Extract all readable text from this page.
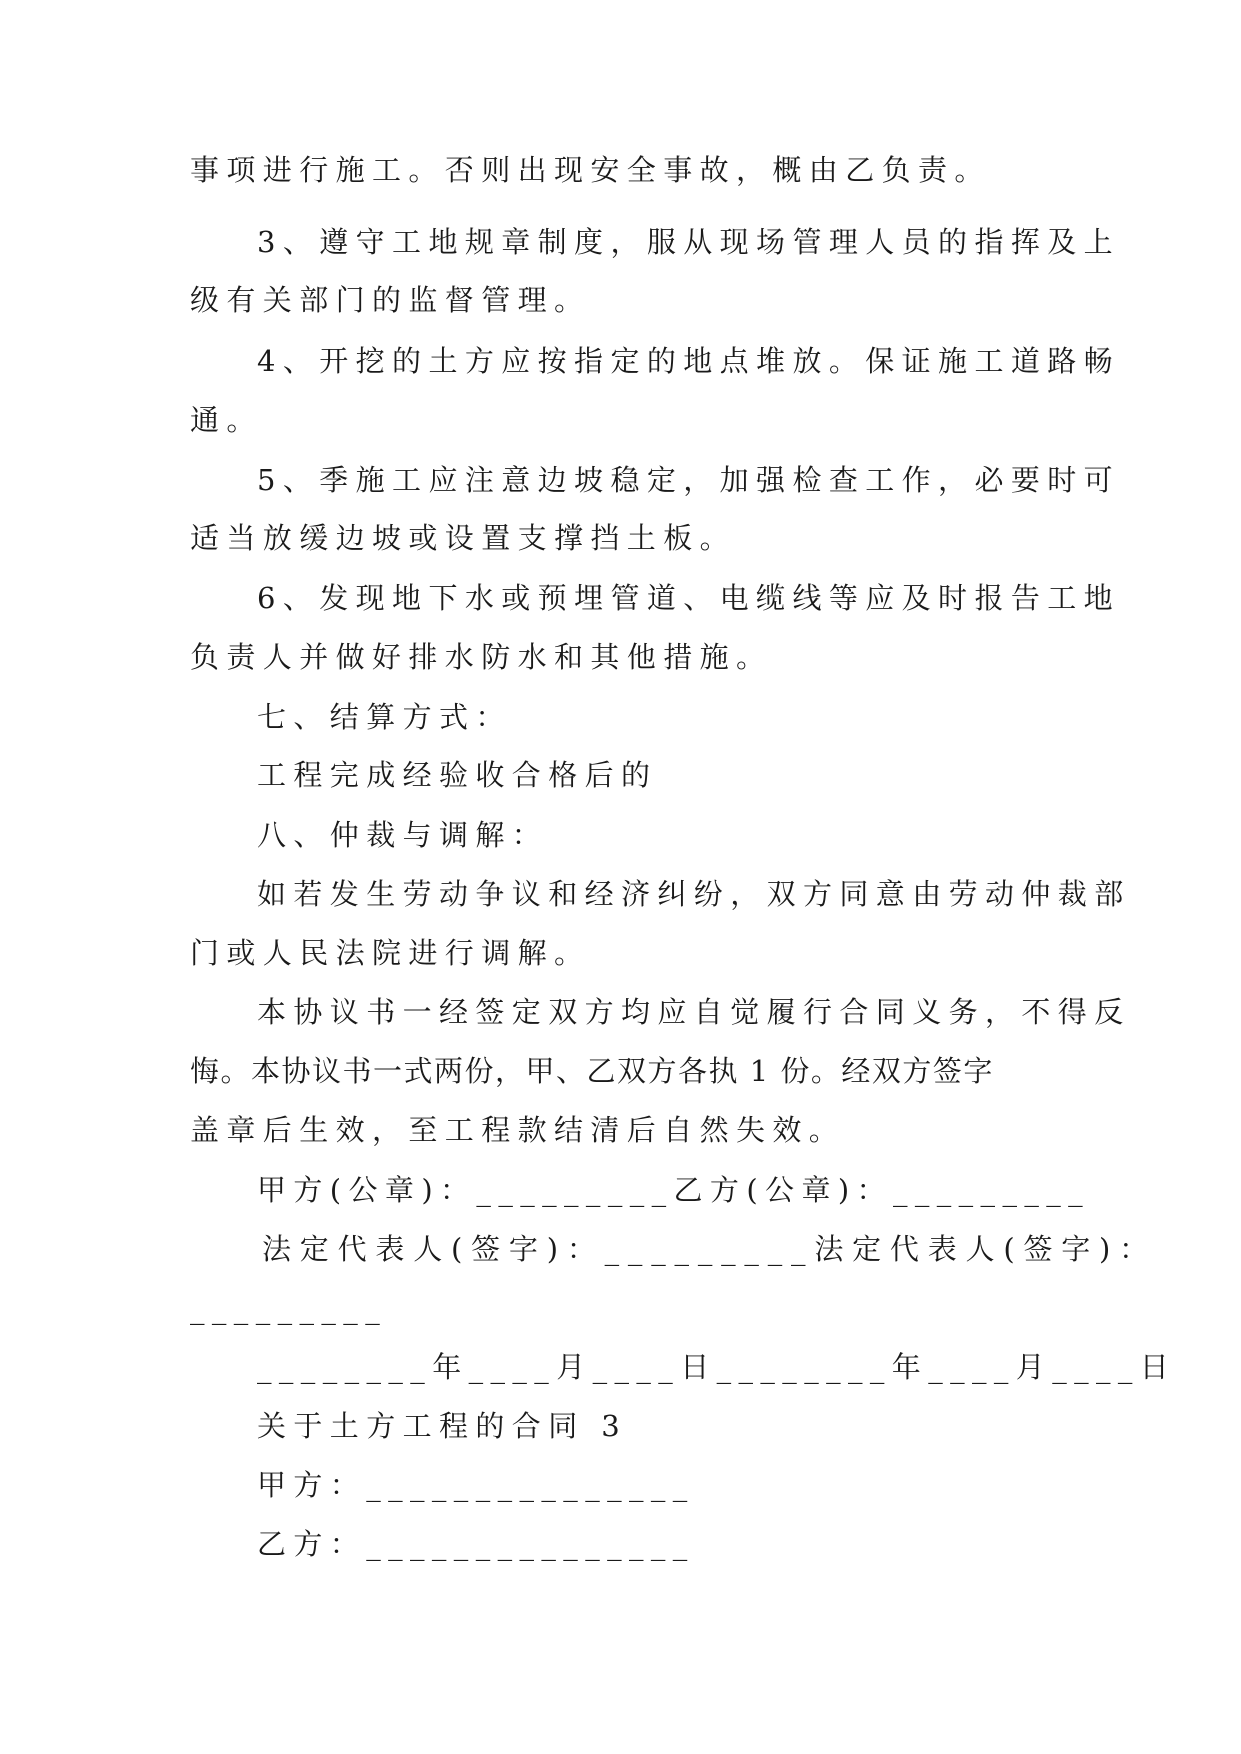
事项进行施工。否则出现安全事故，概由乙负责。
3、遵守工地规章制度，服从现场管理人员的指挥及上
级有关部门的监督管理。
4、开挖的土方应按指定的地点堆放。保证施工道路畅
通。
5、季施工应注意边坡稳定，加强检查工作，必要时可
适当放缓边坡或设置支撑挡土板。
6、发现地下水或预埋管道、电缆线等应及时报告工地
负责人并做好排水防水和其他措施。
七、结算方式：
工程完成经验收合格后的
八、仲裁与调解：
如若发生劳动争议和经济纠纷，双方同意由劳动仲裁部
门或人民法院进行调解。
本协议书一经签定双方均应自觉履行合同义务，不得反
悔。本协议书一式两份，甲、乙双方各执 1 份。经双方签字
盖章后生效，至工程款结清后自然失效。
甲方(公章)：_________乙方(公章)：_________
法定代表人(签字)：_________法定代表人(签字)：
_________
________年____月____日________年____月____日
关于土方工程的合同 3
甲方：_______________
乙方：_______________
